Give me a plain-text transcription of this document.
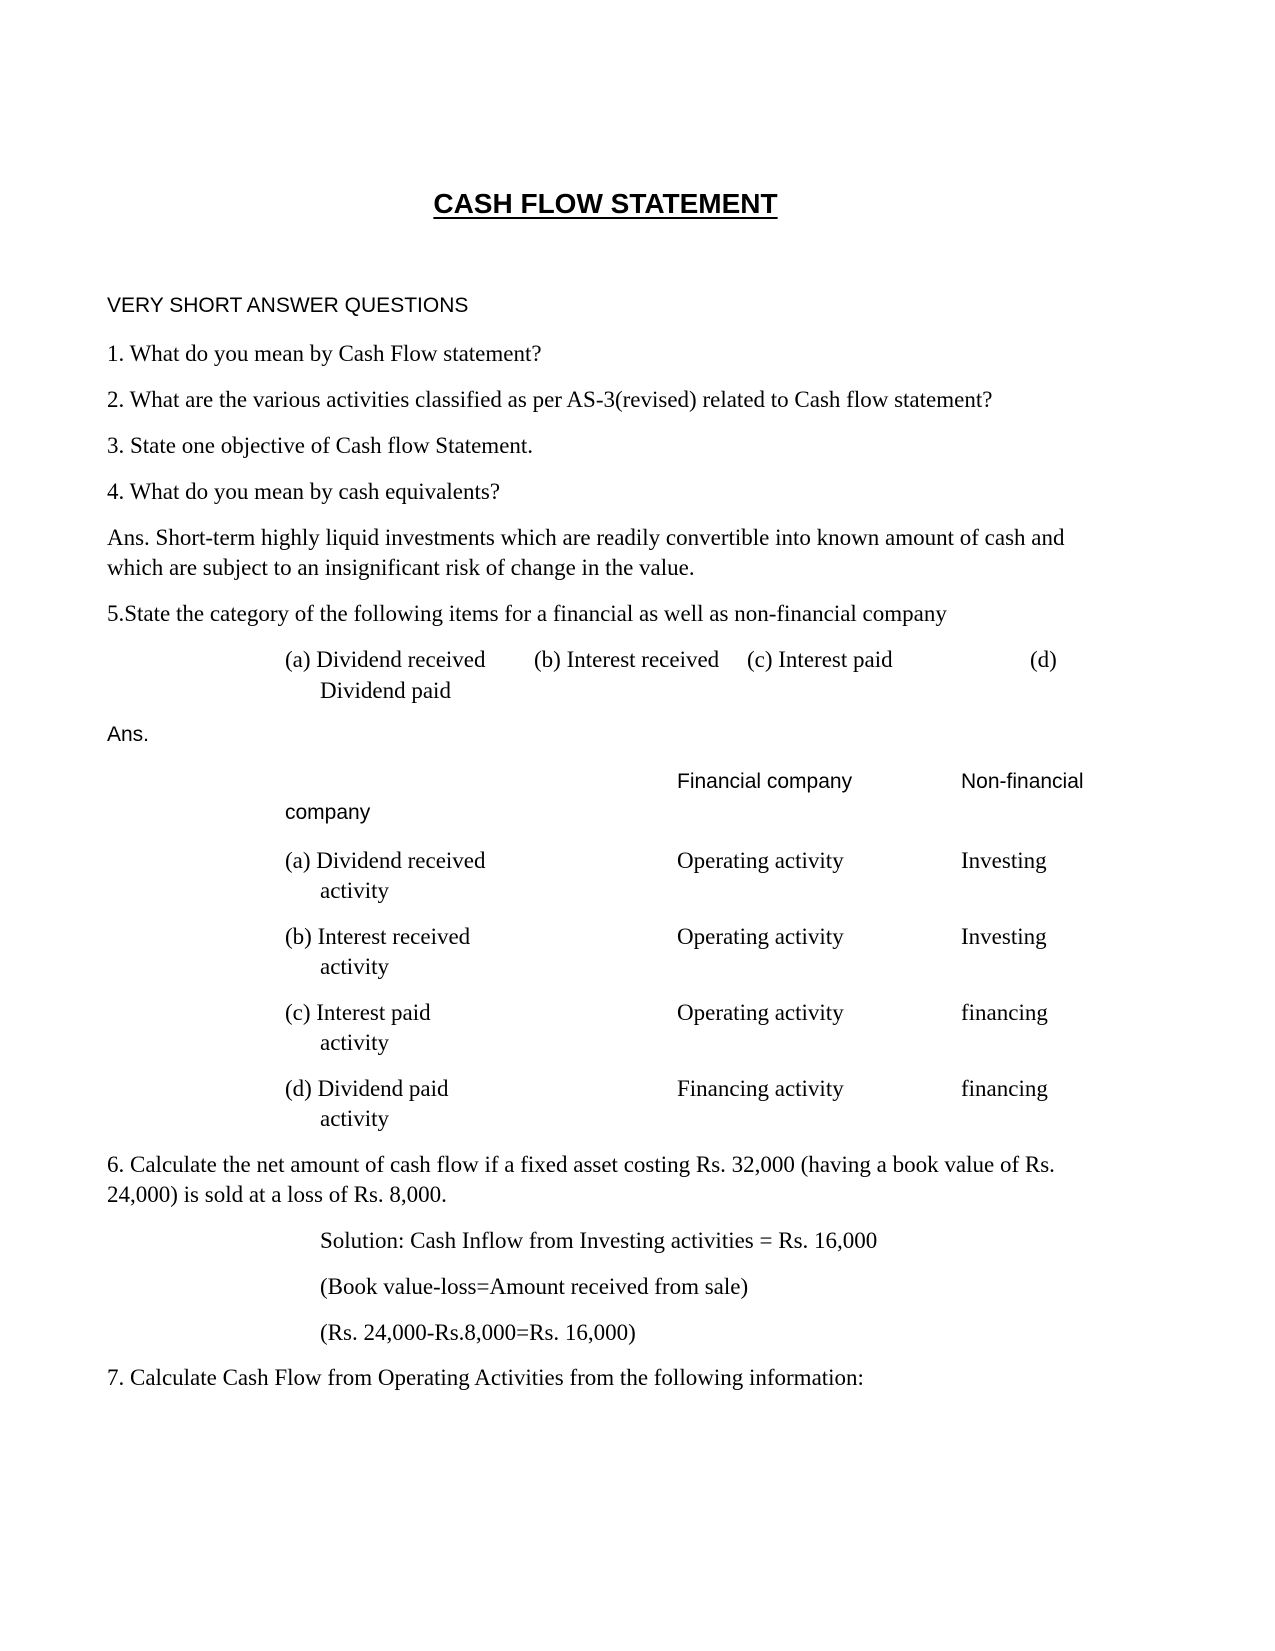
CASH FLOW STATEMENT
VERY SHORT ANSWER QUESTIONS
1. What do you mean by Cash Flow statement?
2. What are the various activities classified as per AS-3(revised) related to Cash flow statement?
3. State one objective of Cash flow Statement.
4. What do you mean by cash equivalents?
Ans. Short-term highly liquid investments which are readily convertible into known amount of cash and
which are subject to an insignificant risk of change in the value.
5.State the category of the following items for a financial as well as non-financial company
(a) Dividend received (b) Interest received (c) Interest paid	(d)
Dividend paid
Ans.
Financial company	Non-financial
company
(a) Dividend received	Operating activity	Investing
activity
(b) Interest received	Operating activity	Investing
activity
(c) Interest paid	Operating activity	financing
activity
(d) Dividend paid	Financing activity	financing
activity
6. Calculate the net amount of cash flow if a fixed asset costing Rs. 32,000 (having a book value of Rs.
24,000) is sold at a loss of Rs. 8,000.
Solution: Cash Inflow from Investing activities = Rs. 16,000
(Book value-loss=Amount received from sale)
(Rs. 24,000-Rs.8,000=Rs. 16,000)
7. Calculate Cash Flow from Operating Activities from the following information:
